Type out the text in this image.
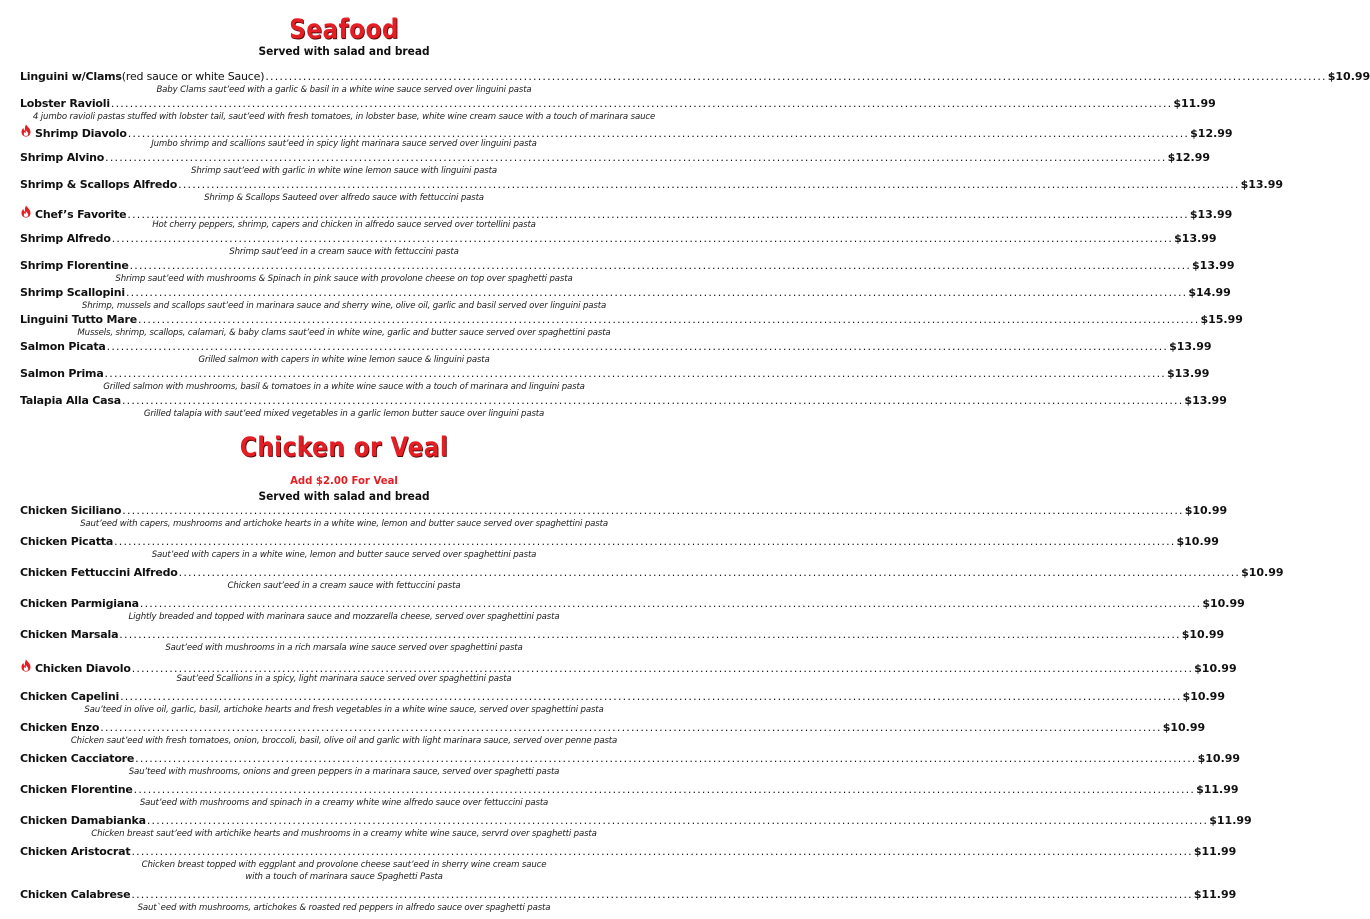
Seafood
Served with salad and bread
Linguini w/Clams (red sauce or white Sauce) .....	$10.99
Baby Clams saut’eed with a garlic & basil in a white wine sauce served over linguini pasta
Lobster Ravioli .....	$11.99
4 jumbo ravioli pastas stuffed with lobster tail, saut’eed with fresh tomatoes, in lobster base, white wine cream sauce with a touch of marinara sauce
Shrimp Diavolo .....	$12.99
Jumbo shrimp and scallions saut’eed in spicy light marinara sauce served over linguini pasta
Shrimp Alvino .....	$12.99
Shrimp saut’eed with garlic in white wine lemon sauce with linguini pasta
Shrimp & Scallops Alfredo .....	$13.99
Shrimp & Scallops Sauteed over alfredo sauce with fettuccini pasta
Chef’s Favorite .....	$13.99
Hot cherry peppers, shrimp, capers and chicken in alfredo sauce served over tortellini pasta
Shrimp Alfredo .....	$13.99
Shrimp saut’eed in a cream sauce with fettuccini pasta
Shrimp Florentine .....	$13.99
Shrimp saut’eed with mushrooms & Spinach in pink sauce with provolone cheese on top over spaghetti pasta
Shrimp Scallopini .....	$14.99
Shrimp, mussels and scallops saut’eed in marinara sauce and sherry wine, olive oil, garlic and basil served over linguini pasta
Linguini Tutto Mare .....	$15.99
Mussels, shrimp, scallops, calamari, & baby clams saut’eed in white wine, garlic and butter sauce served over spaghettini pasta
Salmon Picata .....	$13.99
Grilled salmon with capers in white wine lemon sauce & linguini pasta
Salmon Prima .....	$13.99
Grilled salmon with mushrooms, basil & tomatoes in a white wine sauce with a touch of marinara and linguini pasta
Talapia Alla Casa .....	$13.99
Grilled talapia with saut’eed mixed vegetables in a garlic lemon butter sauce over linguini pasta
Chicken or Veal
Add $2.00 For Veal
Served with salad and bread
Chicken Siciliano .....	$10.99
Saut’eed with capers, mushrooms and artichoke hearts in a white wine, lemon and butter sauce served over spaghettini pasta
Chicken Picatta .....	$10.99
Saut’eed with capers in a white wine, lemon and butter sauce served over spaghettini pasta
Chicken Fettuccini Alfredo .....	$10.99
Chicken saut’eed in a cream sauce with fettuccini pasta
Chicken Parmigiana .....	$10.99
Lightly breaded and topped with marinara sauce and mozzarella cheese, served over spaghettini pasta
Chicken Marsala .....	$10.99
Saut’eed with mushrooms in a rich marsala wine sauce served over spaghettini pasta
Chicken Diavolo .....	$10.99
Saut’eed Scallions in a spicy, light marinara sauce served over spaghettini pasta
Chicken Capelini .....	$10.99
Sau’teed in olive oil, garlic, basil, artichoke hearts and fresh vegetables in a white wine sauce, served over spaghettini pasta
Chicken Enzo .....	$10.99
Chicken saut’eed with fresh tomatoes, onion, broccoli, basil, olive oil and garlic with light marinara sauce, served over penne pasta
Chicken Cacciatore .....	$10.99
Sau’teed with mushrooms, onions and green peppers in a marinara sauce, served over spaghetti pasta
Chicken Florentine .....	$11.99
Saut’eed with mushrooms and spinach in a creamy white wine alfredo sauce over fettuccini pasta
Chicken Damabianka .....	$11.99
Chicken breast saut’eed with artichike hearts and mushrooms in a creamy white wine sauce, servrd over spaghetti pasta
Chicken Aristocrat .....	$11.99
Chicken breast topped with eggplant and provolone cheese saut’eed in sherry wine cream sauce
with a touch of marinara sauce Spaghetti Pasta
Chicken Calabrese .....	$11.99
Saut`eed with mushrooms, artichokes & roasted red peppers in alfredo sauce over spaghetti pasta
